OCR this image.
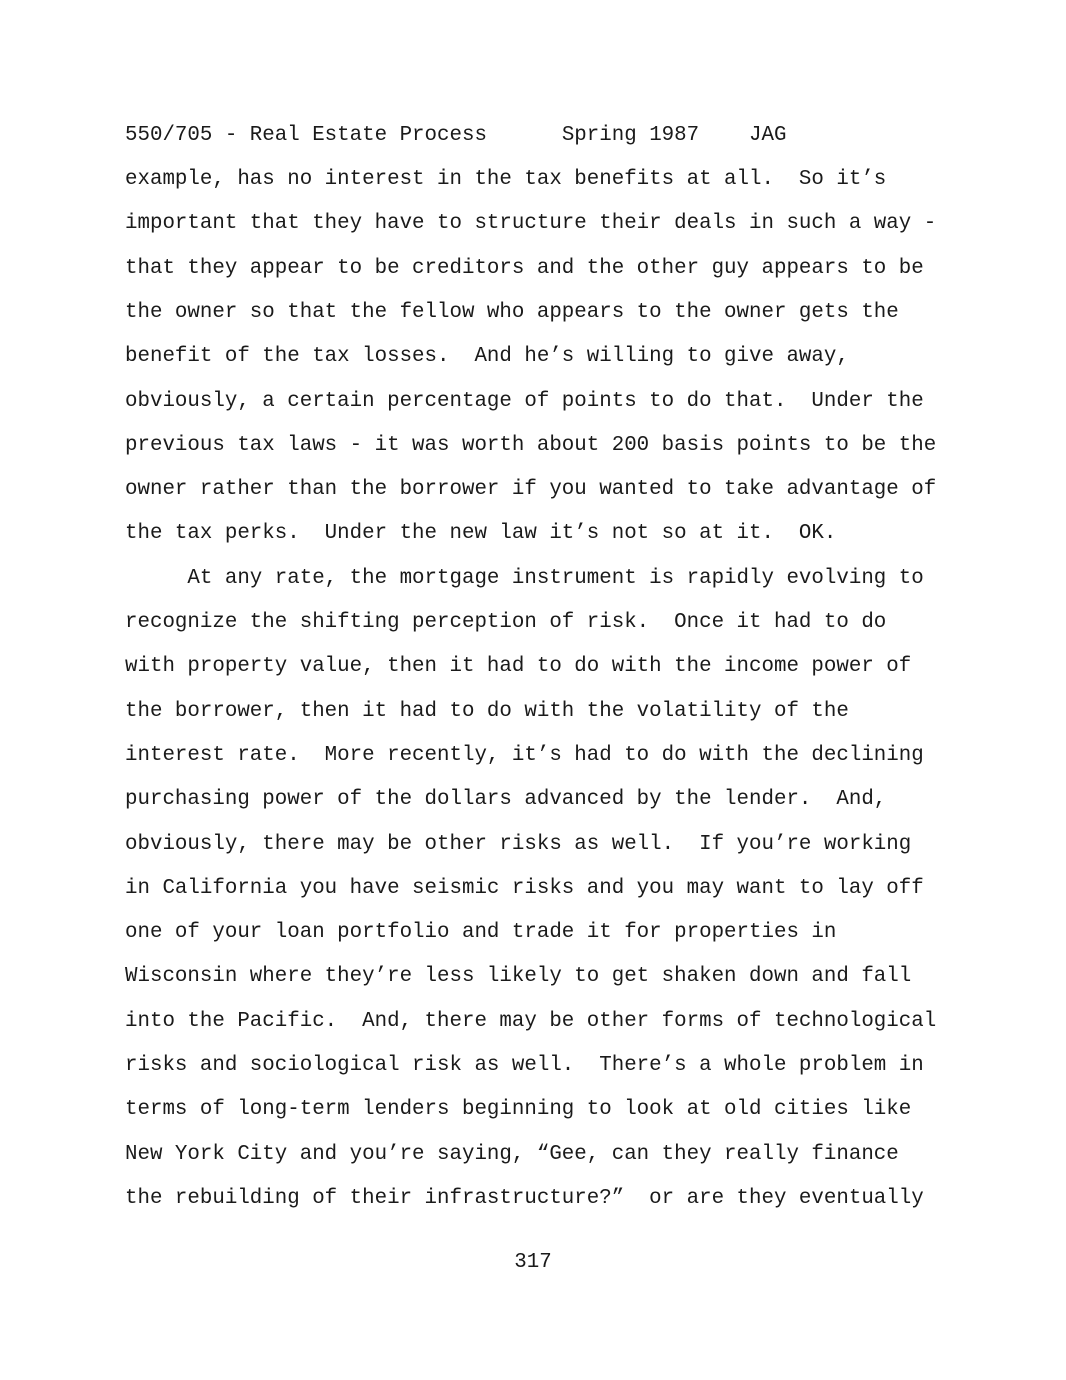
550/705 - Real Estate Process	Spring 1987 JAG
example, has no interest in the tax benefits at all.  So it’s
important that they have to structure their deals in such a way -
that they appear to be creditors and the other guy appears to be
the owner so that the fellow who appears to the owner gets the
benefit of the tax losses.  And he’s willing to give away,
obviously, a certain percentage of points to do that.  Under the
previous tax laws - it was worth about 200 basis points to be the
owner rather than the borrower if you wanted to take advantage of
the tax perks.  Under the new law it’s not so at it.  OK.
At any rate, the mortgage instrument is rapidly evolving to
recognize the shifting perception of risk.  Once it had to do
with property value, then it had to do with the income power of
the borrower, then it had to do with the volatility of the
interest rate.  More recently, it’s had to do with the declining
purchasing power of the dollars advanced by the lender.  And,
obviously, there may be other risks as well.  If you’re working
in California you have seismic risks and you may want to lay off
one of your loan portfolio and trade it for properties in
Wisconsin where they’re less likely to get shaken down and fall
into the Pacific.  And, there may be other forms of technological
risks and sociological risk as well.  There’s a whole problem in
terms of long-term lenders beginning to look at old cities like
New York City and you’re saying, “Gee, can they really finance
the rebuilding of their infrastructure?”  or are they eventually
317
